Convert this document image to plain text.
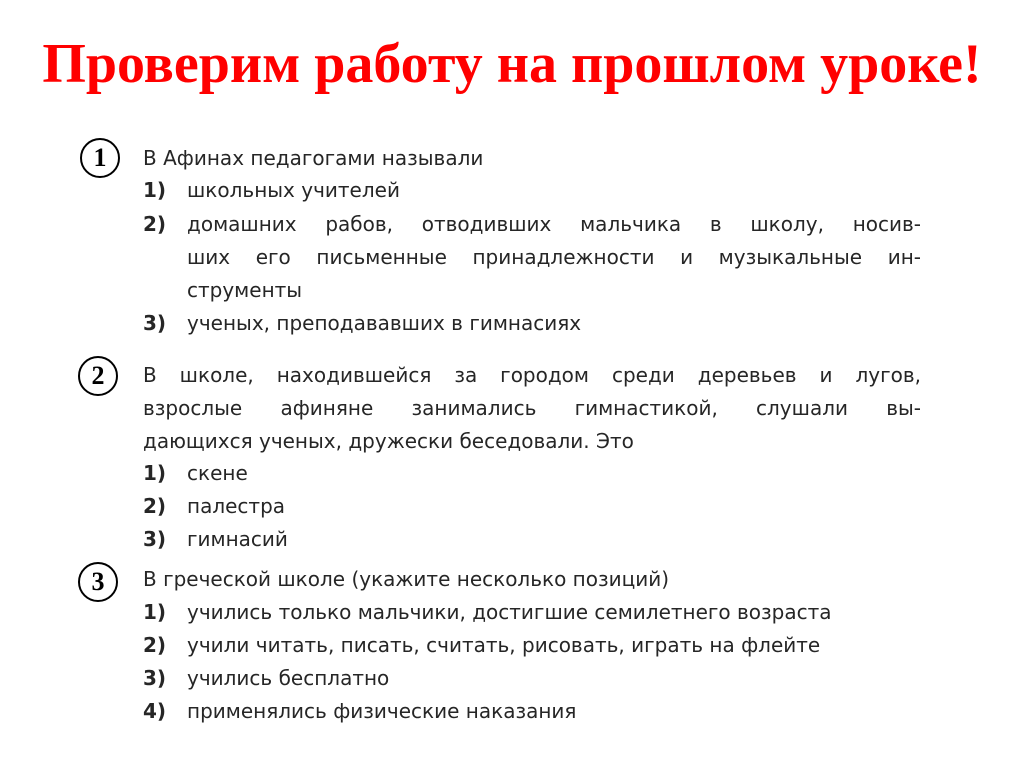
Проверим работу на прошлом уроке!
1	В Афинах педагогами называли
1) школьных учителей
2) домашних рабов, отводивших мальчика в школу, носив-
ших его письменные принадлежности и музыкальные ин-
струменты
3) ученых, преподававших в гимнасиях
2	В школе, находившейся за городом среди деревьев и лугов,
взрослые афиняне занимались гимнастикой, слушали вы-
дающихся ученых, дружески беседовали. Это
1) скене
2) палестра
3) гимнасий
3	В греческой школе (укажите несколько позиций)
1) учились только мальчики, достигшие семилетнего возраста
2) учили читать, писать, считать, рисовать, играть на флейте
3) учились бесплатно
4) применялись физические наказания
